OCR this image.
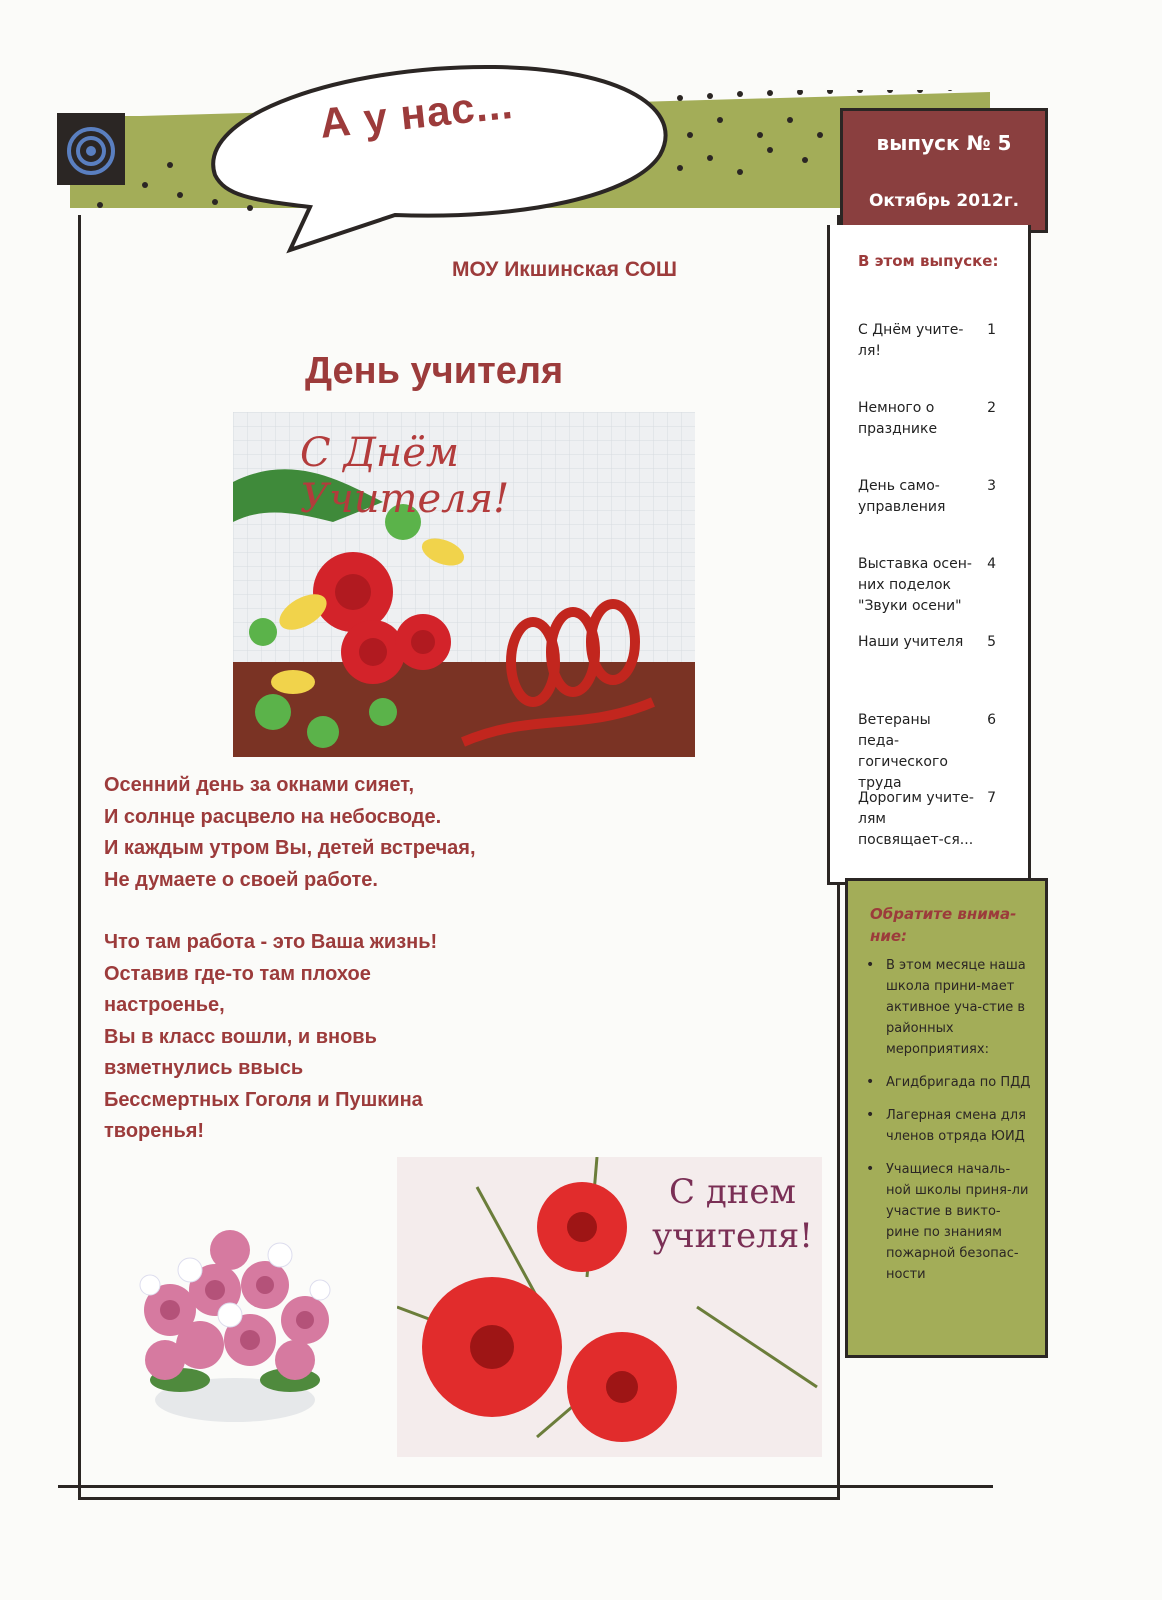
А у нас...
МОУ Икшинская СОШ
День учителя
выпуск № 5
Октябрь 2012г.
В этом выпуске:
С Днём учите-ля!1
Немного о празднике2
День само-управления3
Выставка осен-них поделок "Звуки осени"4
Наши учителя 5
Ветераны педа-гогического труда6
Дорогим учите-лям посвящает-ся...7
Обратите внима-ние:
• В этом месяце наша школа прини-мает активное уча-стие в районных мероприятиях:
• Агидбригада по ПДД
• Лагерная смена для членов отряда ЮИД
• Учащиеся началь-ной школы приня-ли участие в викто-рине по знаниям пожарной безопас-ности
С Днём Учителя!

Осенний день за окнами сияет,

И солнце расцвело на небосводе.

И каждым утром Вы, детей встречая,

Не думаете о своей работе.

Что там работа - это Ваша жизнь!

Оставив где-то там плохое

настроенье,

Вы в класс вошли, и вновь

взметнулись ввысь

Бессмертных Гоголя и Пушкина

творенья!

С днем
учителя!
